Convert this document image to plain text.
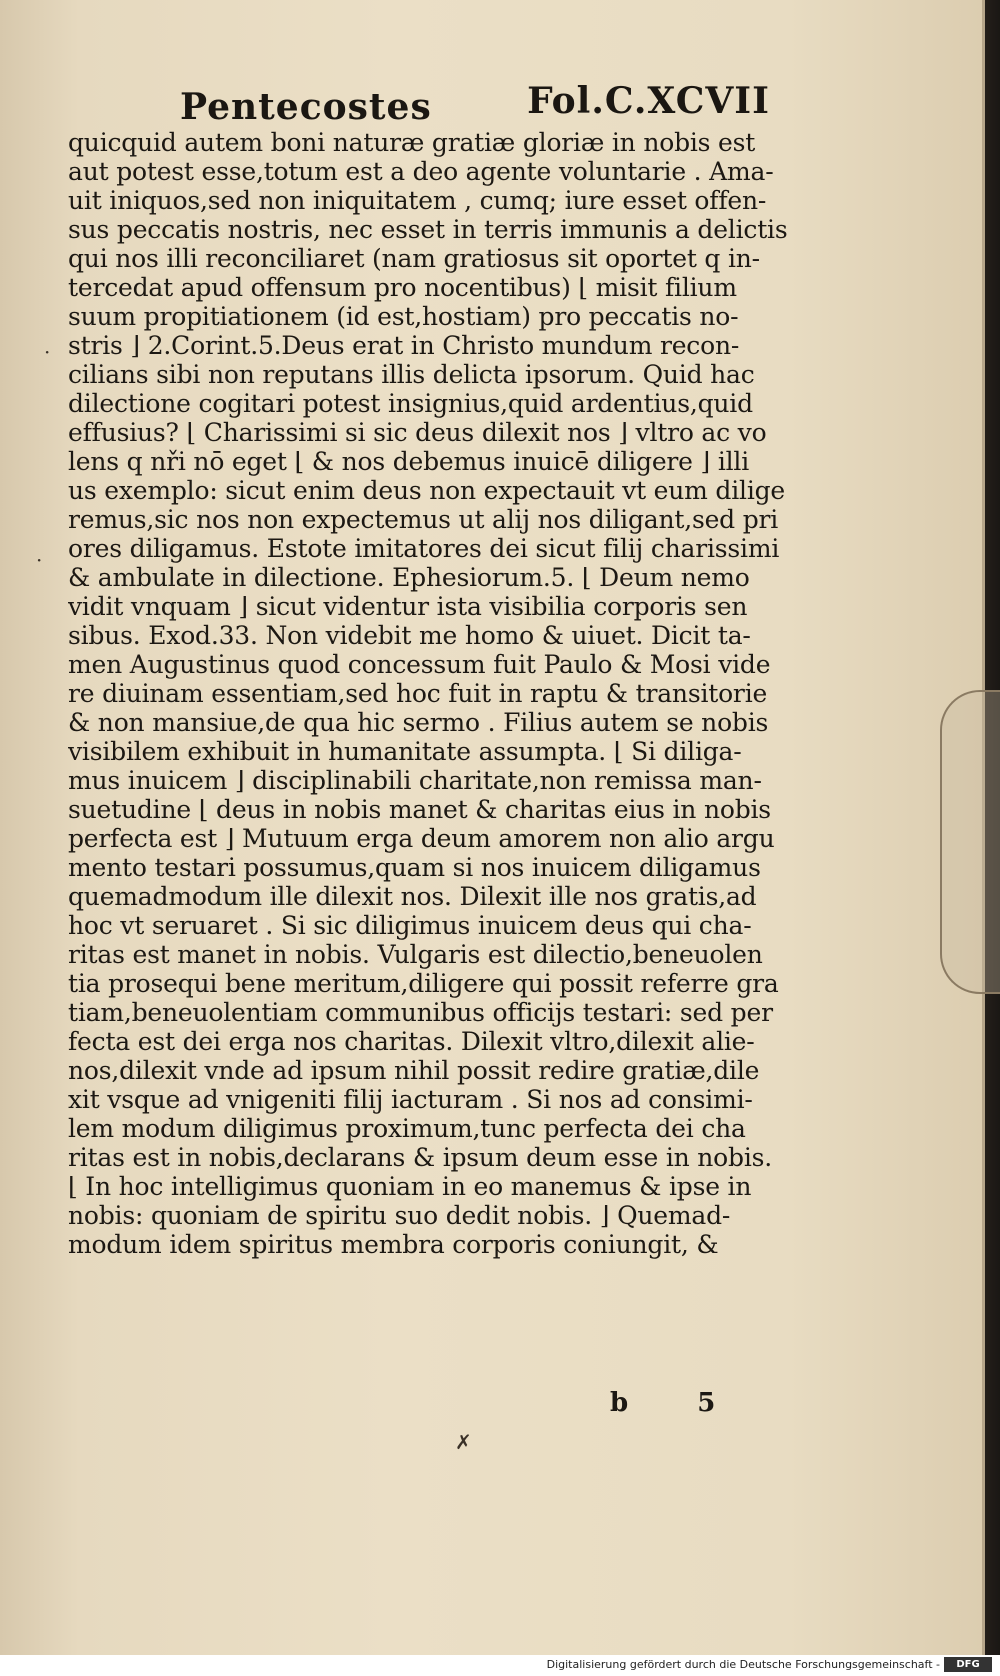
Pentecostes	Fol.C.XCVII
quicquid autem boni naturæ gratiæ gloriæ in nobis est
aut potest esse,totum est a deo agente voluntarie . Ama-
uit iniquos,sed non iniquitatem , cumq; iure esset offen-
sus peccatis nostris, nec esset in terris immunis a delictis
qui nos illi reconciliaret (nam gratiosus sit oportet q in-
tercedat apud offensum pro nocentibus) ⌊ misit filium
suum propitiationem (id est,hostiam) pro peccatis no-
stris ⌋ 2.Corint.5.Deus erat in Christo mundum recon-
cilians sibi non reputans illis delicta ipsorum. Quid hac
dilectione cogitari potest insignius,quid ardentius,quid
effusius? ⌊ Charissimi si sic deus dilexit nos ⌋ vltro ac vo
lens q nři nō eget ⌊ & nos debemus inuicē diligere ⌋ illi
us exemplo: sicut enim deus non expectauit vt eum dilige
remus,sic nos non expectemus ut alij nos diligant,sed pri
ores diligamus. Estote imitatores dei sicut filij charissimi
& ambulate in dilectione. Ephesiorum.5. ⌊ Deum nemo
vidit vnquam ⌋ sicut videntur ista visibilia corporis sen
sibus. Exod.33. Non videbit me homo & uiuet. Dicit ta-
men Augustinus quod concessum fuit Paulo & Mosi vide
re diuinam essentiam,sed hoc fuit in raptu & transitorie
& non mansiue,de qua hic sermo . Filius autem se nobis
visibilem exhibuit in humanitate assumpta. ⌊ Si diliga-
mus inuicem ⌋ disciplinabili charitate,non remissa man-
suetudine ⌊ deus in nobis manet & charitas eius in nobis
perfecta est ⌋ Mutuum erga deum amorem non alio argu
mento testari possumus,quam si nos inuicem diligamus
quemadmodum ille dilexit nos. Dilexit ille nos gratis,ad
hoc vt seruaret . Si sic diligimus inuicem deus qui cha-
ritas est manet in nobis. Vulgaris est dilectio,beneuolen
tia prosequi bene meritum,diligere qui possit referre gra
tiam,beneuolentiam communibus officijs testari: sed per
fecta est dei erga nos charitas. Dilexit vltro,dilexit alie-
nos,dilexit vnde ad ipsum nihil possit redire gratiæ,dile
xit vsque ad vnigeniti filij iacturam . Si nos ad consimi-
lem modum diligimus proximum,tunc perfecta dei cha
ritas est in nobis,declarans & ipsum deum esse in nobis.
⌊ In hoc intelligimus quoniam in eo manemus & ipse in
nobis: quoniam de spiritu suo dedit nobis. ⌋ Quemad-
modum idem spiritus membra corporis coniungit, &
b 5
·
·
✗
Digitalisierung gefördert durch die Deutsche Forschungsgemeinschaft -	DFG
